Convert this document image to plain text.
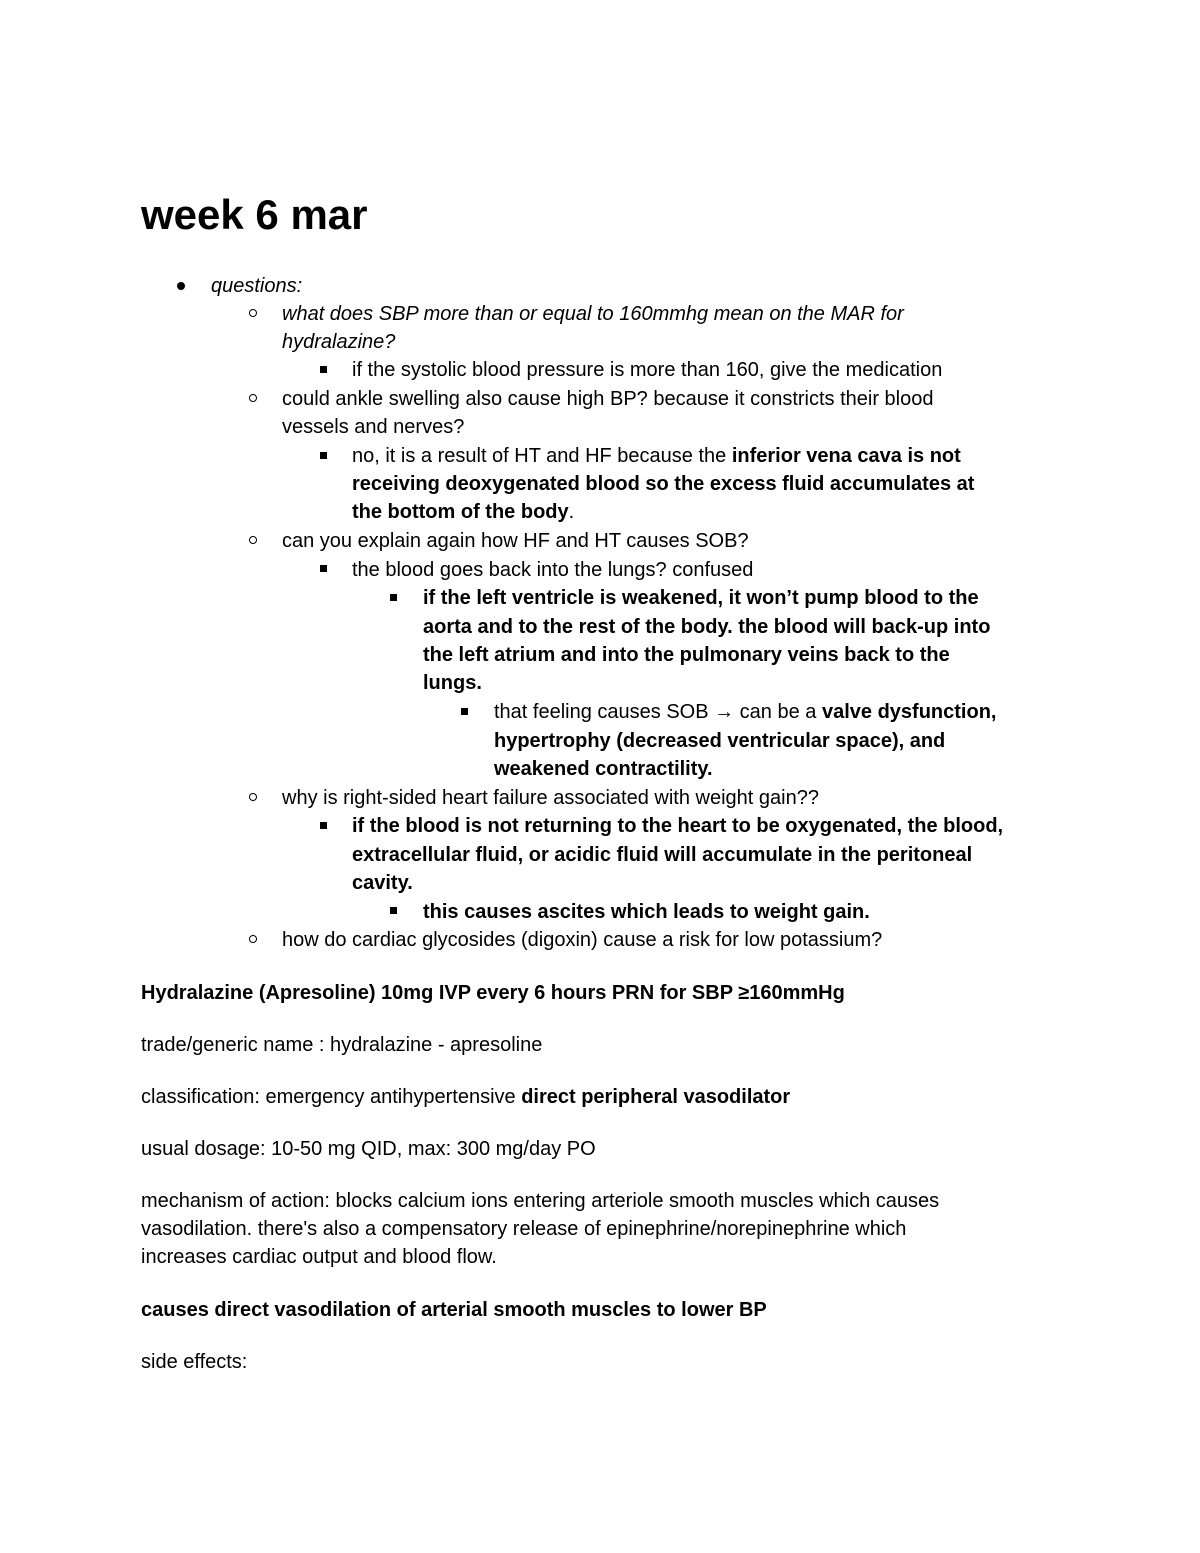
week 6 mar
questions:
what does SBP more than or equal to 160mmhg mean on the MAR for
hydralazine?
if the systolic blood pressure is more than 160, give the medication
could ankle swelling also cause high BP? because it constricts their blood
vessels and nerves?
no, it is a result of HT and HF because the inferior vena cava is not
receiving deoxygenated blood so the excess fluid accumulates at
the bottom of the body.
can you explain again how HF and HT causes SOB?
the blood goes back into the lungs? confused
if the left ventricle is weakened, it won’t pump blood to the
aorta and to the rest of the body. the blood will back-up into
the left atrium and into the pulmonary veins back to the
lungs.
that feeling causes SOB → can be a valve dysfunction,
hypertrophy (decreased ventricular space), and
weakened contractility.
why is right-sided heart failure associated with weight gain??
if the blood is not returning to the heart to be oxygenated, the blood,
extracellular fluid, or acidic fluid will accumulate in the peritoneal
cavity.
this causes ascites which leads to weight gain.
how do cardiac glycosides (digoxin) cause a risk for low potassium?
Hydralazine (Apresoline) 10mg IVP every 6 hours PRN for SBP ≥160mmHg
trade/generic name : hydralazine - apresoline
classification: emergency antihypertensive direct peripheral vasodilator
usual dosage: 10-50 mg QID, max: 300 mg/day PO
mechanism of action: blocks calcium ions entering arteriole smooth muscles which causes
vasodilation. there's also a compensatory release of epinephrine/norepinephrine which
increases cardiac output and blood flow.
causes direct vasodilation of arterial smooth muscles to lower BP
side effects:
